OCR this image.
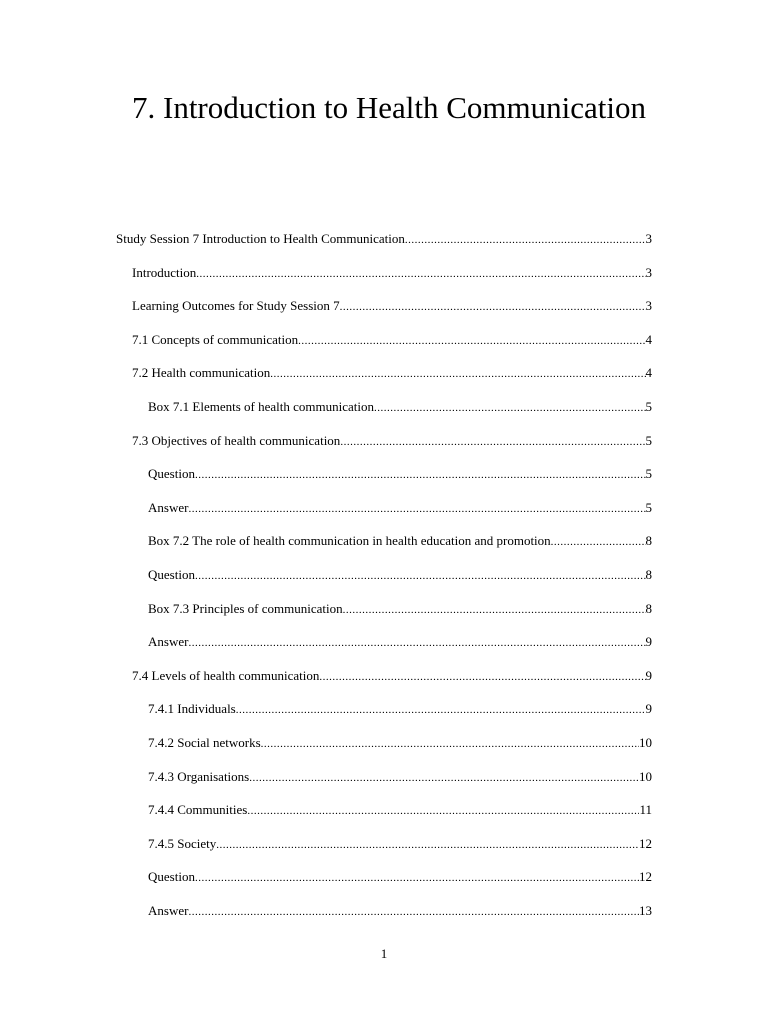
7. Introduction to Health Communication
Study Session 7 Introduction to Health Communication .....	3
Introduction .....	3
Learning Outcomes for Study Session 7 .....	3
7.1 Concepts of communication .....	4
7.2 Health communication .....	4
Box 7.1 Elements of health communication .....	5
7.3 Objectives of health communication .....	5
Question .....	5
Answer .....	5
Box 7.2 The role of health communication in health education and promotion .....	8
Question .....	8
Box 7.3 Principles of communication .....	8
Answer .....	9
7.4 Levels of health communication .....	9
7.4.1 Individuals .....	9
7.4.2 Social networks .....	10
7.4.3 Organisations .....	10
7.4.4 Communities .....	11
7.4.5 Society .....	12
Question .....	12
Answer .....	13
1
